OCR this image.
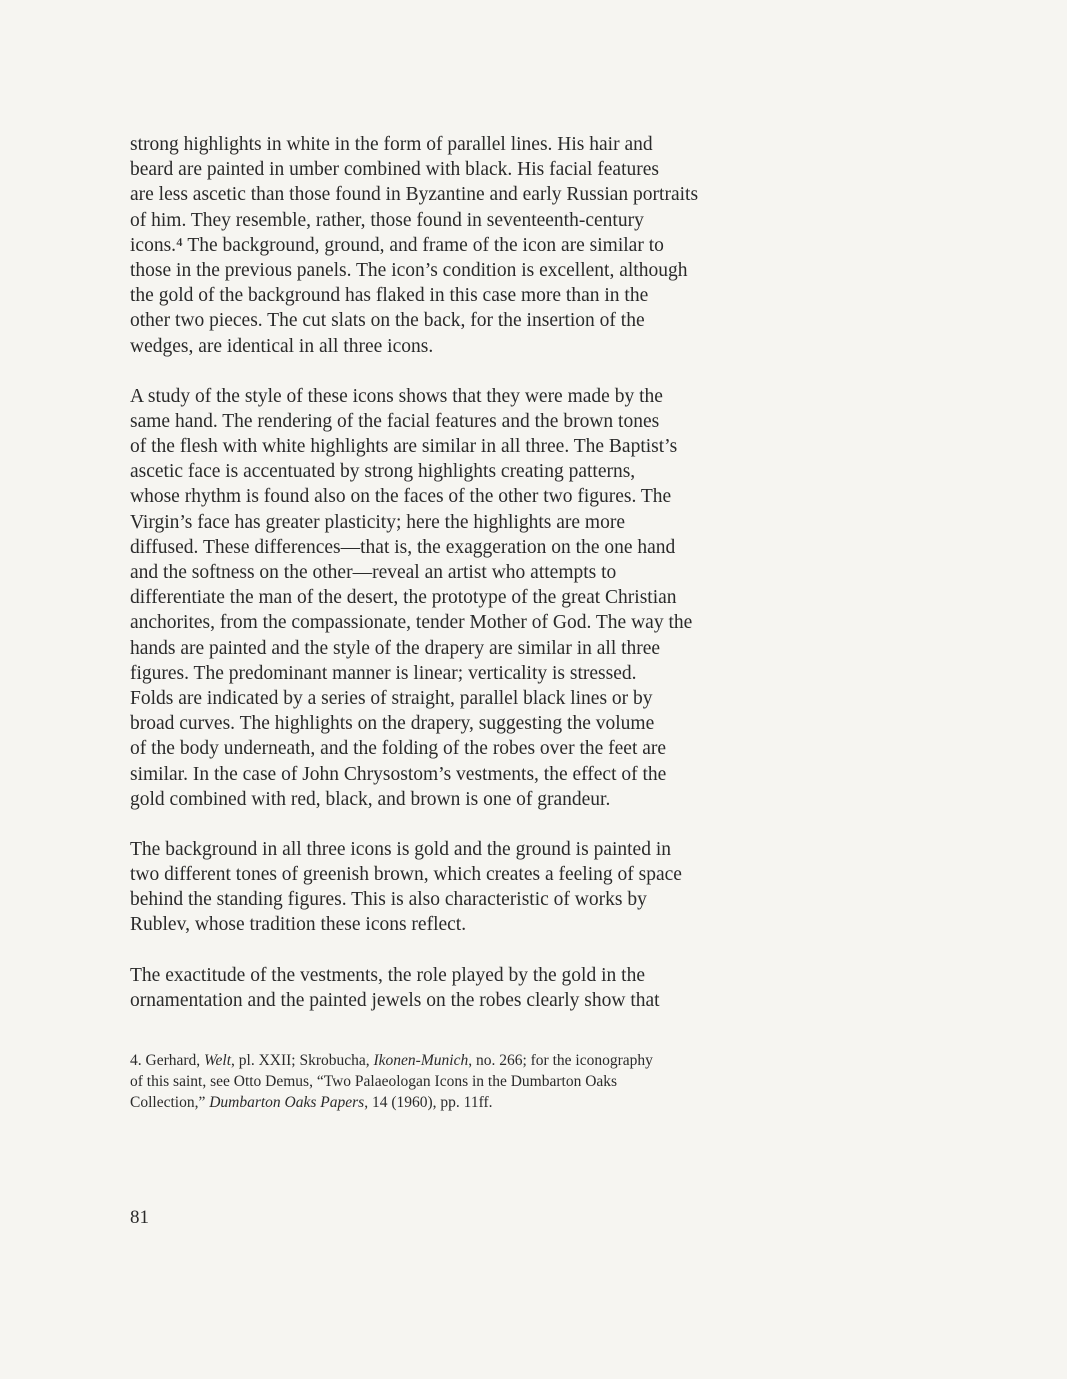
strong highlights in white in the form of parallel lines. His hair and
beard are painted in umber combined with black. His facial features
are less ascetic than those found in Byzantine and early Russian portraits
of him. They resemble, rather, those found in seventeenth-century
icons.⁴ The background, ground, and frame of the icon are similar to
those in the previous panels. The icon’s condition is excellent, although
the gold of the background has flaked in this case more than in the
other two pieces. The cut slats on the back, for the insertion of the
wedges, are identical in all three icons.
A study of the style of these icons shows that they were made by the
same hand. The rendering of the facial features and the brown tones
of the flesh with white highlights are similar in all three. The Baptist’s
ascetic face is accentuated by strong highlights creating patterns,
whose rhythm is found also on the faces of the other two figures. The
Virgin’s face has greater plasticity; here the highlights are more
diffused. These differences—that is, the exaggeration on the one hand
and the softness on the other—reveal an artist who attempts to
differentiate the man of the desert, the prototype of the great Christian
anchorites, from the compassionate, tender Mother of God. The way the
hands are painted and the style of the drapery are similar in all three
figures. The predominant manner is linear; verticality is stressed.
Folds are indicated by a series of straight, parallel black lines or by
broad curves. The highlights on the drapery, suggesting the volume
of the body underneath, and the folding of the robes over the feet are
similar. In the case of John Chrysostom’s vestments, the effect of the
gold combined with red, black, and brown is one of grandeur.
The background in all three icons is gold and the ground is painted in
two different tones of greenish brown, which creates a feeling of space
behind the standing figures. This is also characteristic of works by
Rublev, whose tradition these icons reflect.
The exactitude of the vestments, the role played by the gold in the
ornamentation and the painted jewels on the robes clearly show that
4. Gerhard, Welt, pl. XXII; Skrobucha, Ikonen-Munich, no. 266; for the iconography
of this saint, see Otto Demus, “Two Palaeologan Icons in the Dumbarton Oaks
Collection,” Dumbarton Oaks Papers, 14 (1960), pp. 11ff.
81
